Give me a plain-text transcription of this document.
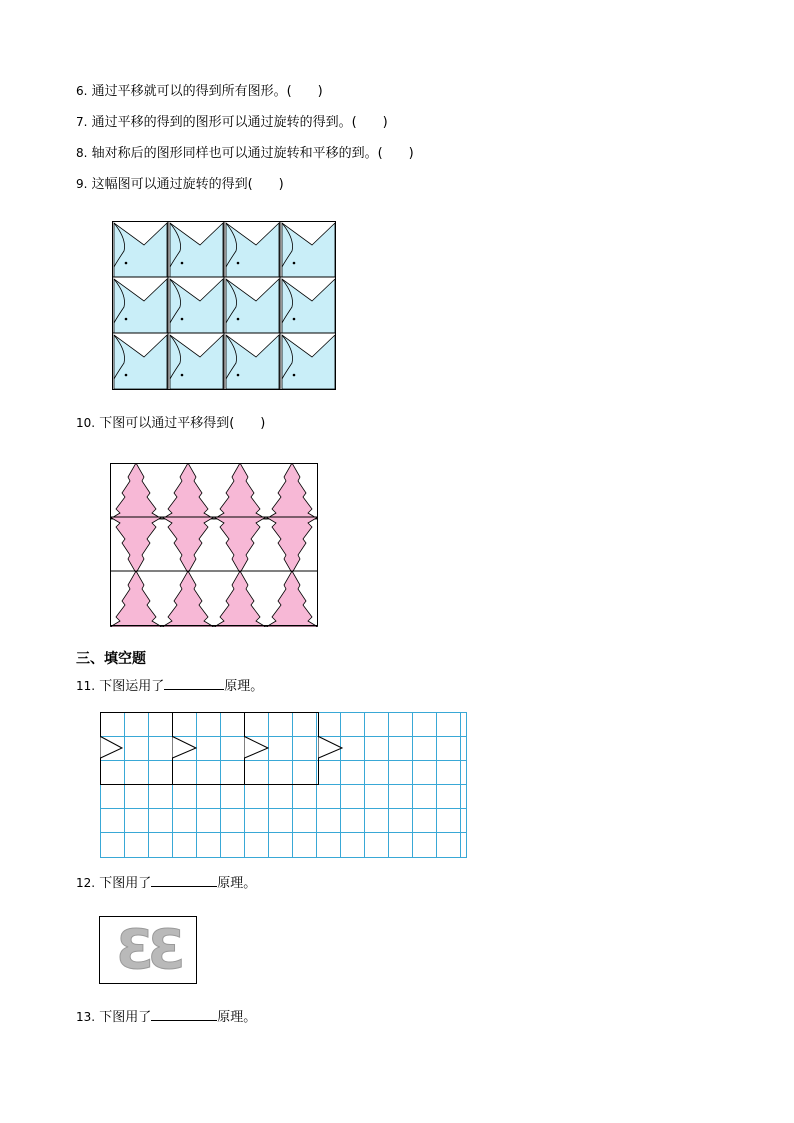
6. 通过平移就可以的得到所有图形。(　　)
7. 通过平移的得到的图形可以通过旋转的得到。(　　)
8. 轴对称后的图形同样也可以通过旋转和平移的到。(　　)
9. 这幅图可以通过旋转的得到(　　)
10. 下图可以通过平移得到(　　)
三、填空题
11. 下图运用了	原理。
12. 下图用了	原理。
ƐƐ
13. 下图用了	原理。
